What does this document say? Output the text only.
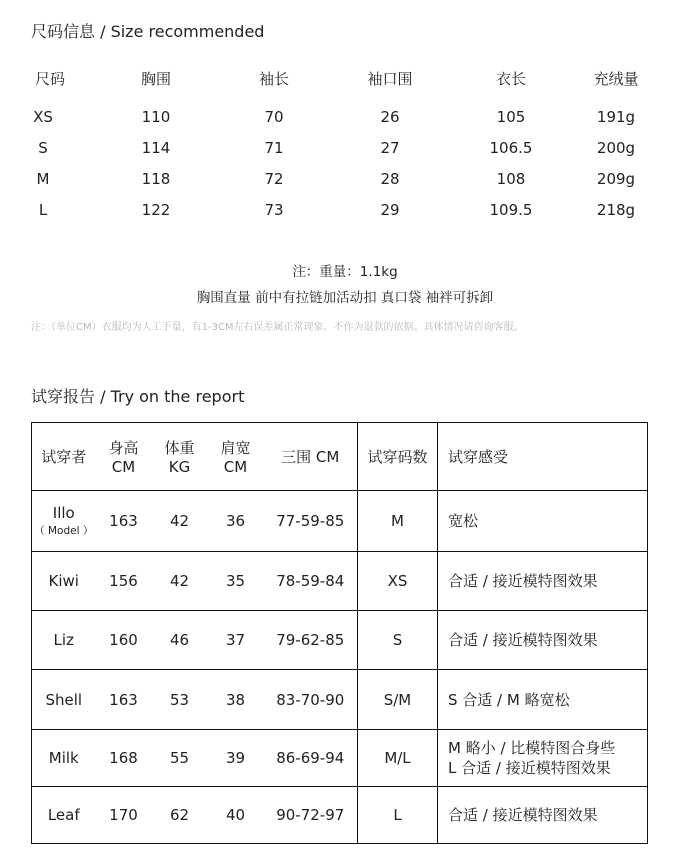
尺码信息 / Size recommended
尺码	胸围	袖长	袖口围	衣长	充绒量
XS	110	70	26	105	191g
S	114	71	27	106.5	200g
M	118	72	28	108	209g
L	122	73	29	109.5	218g
注：重量：1.1kg
胸围直量 前中有拉链加活动扣 真口袋 袖袢可拆卸
注：（单位CM）衣服均为人工手量，有1-3CM左右误差属正常现象。不作为退款的依据。具体情况请咨询客服。
试穿报告 / Try on the report
试穿者	身高 CM	体重 KG	肩宽 CM	三围 CM	试穿码数	试穿感受
Illo
（ Model ）	163	42	36	77-59-85	M	宽松
Kiwi	156	42	35	78-59-84	XS	合适 / 接近模特图效果
Liz	160	46	37	79-62-85	S	合适 / 接近模特图效果
Shell	163	53	38	83-70-90	S/M	S 合适 / M 略宽松
Milk	168	55	39	86-69-94	M/L	M 略小 / 比模特图合身些
L 合适 / 接近模特图效果

Leaf	170	62	40	90-72-97	L	合适 / 接近模特图效果
